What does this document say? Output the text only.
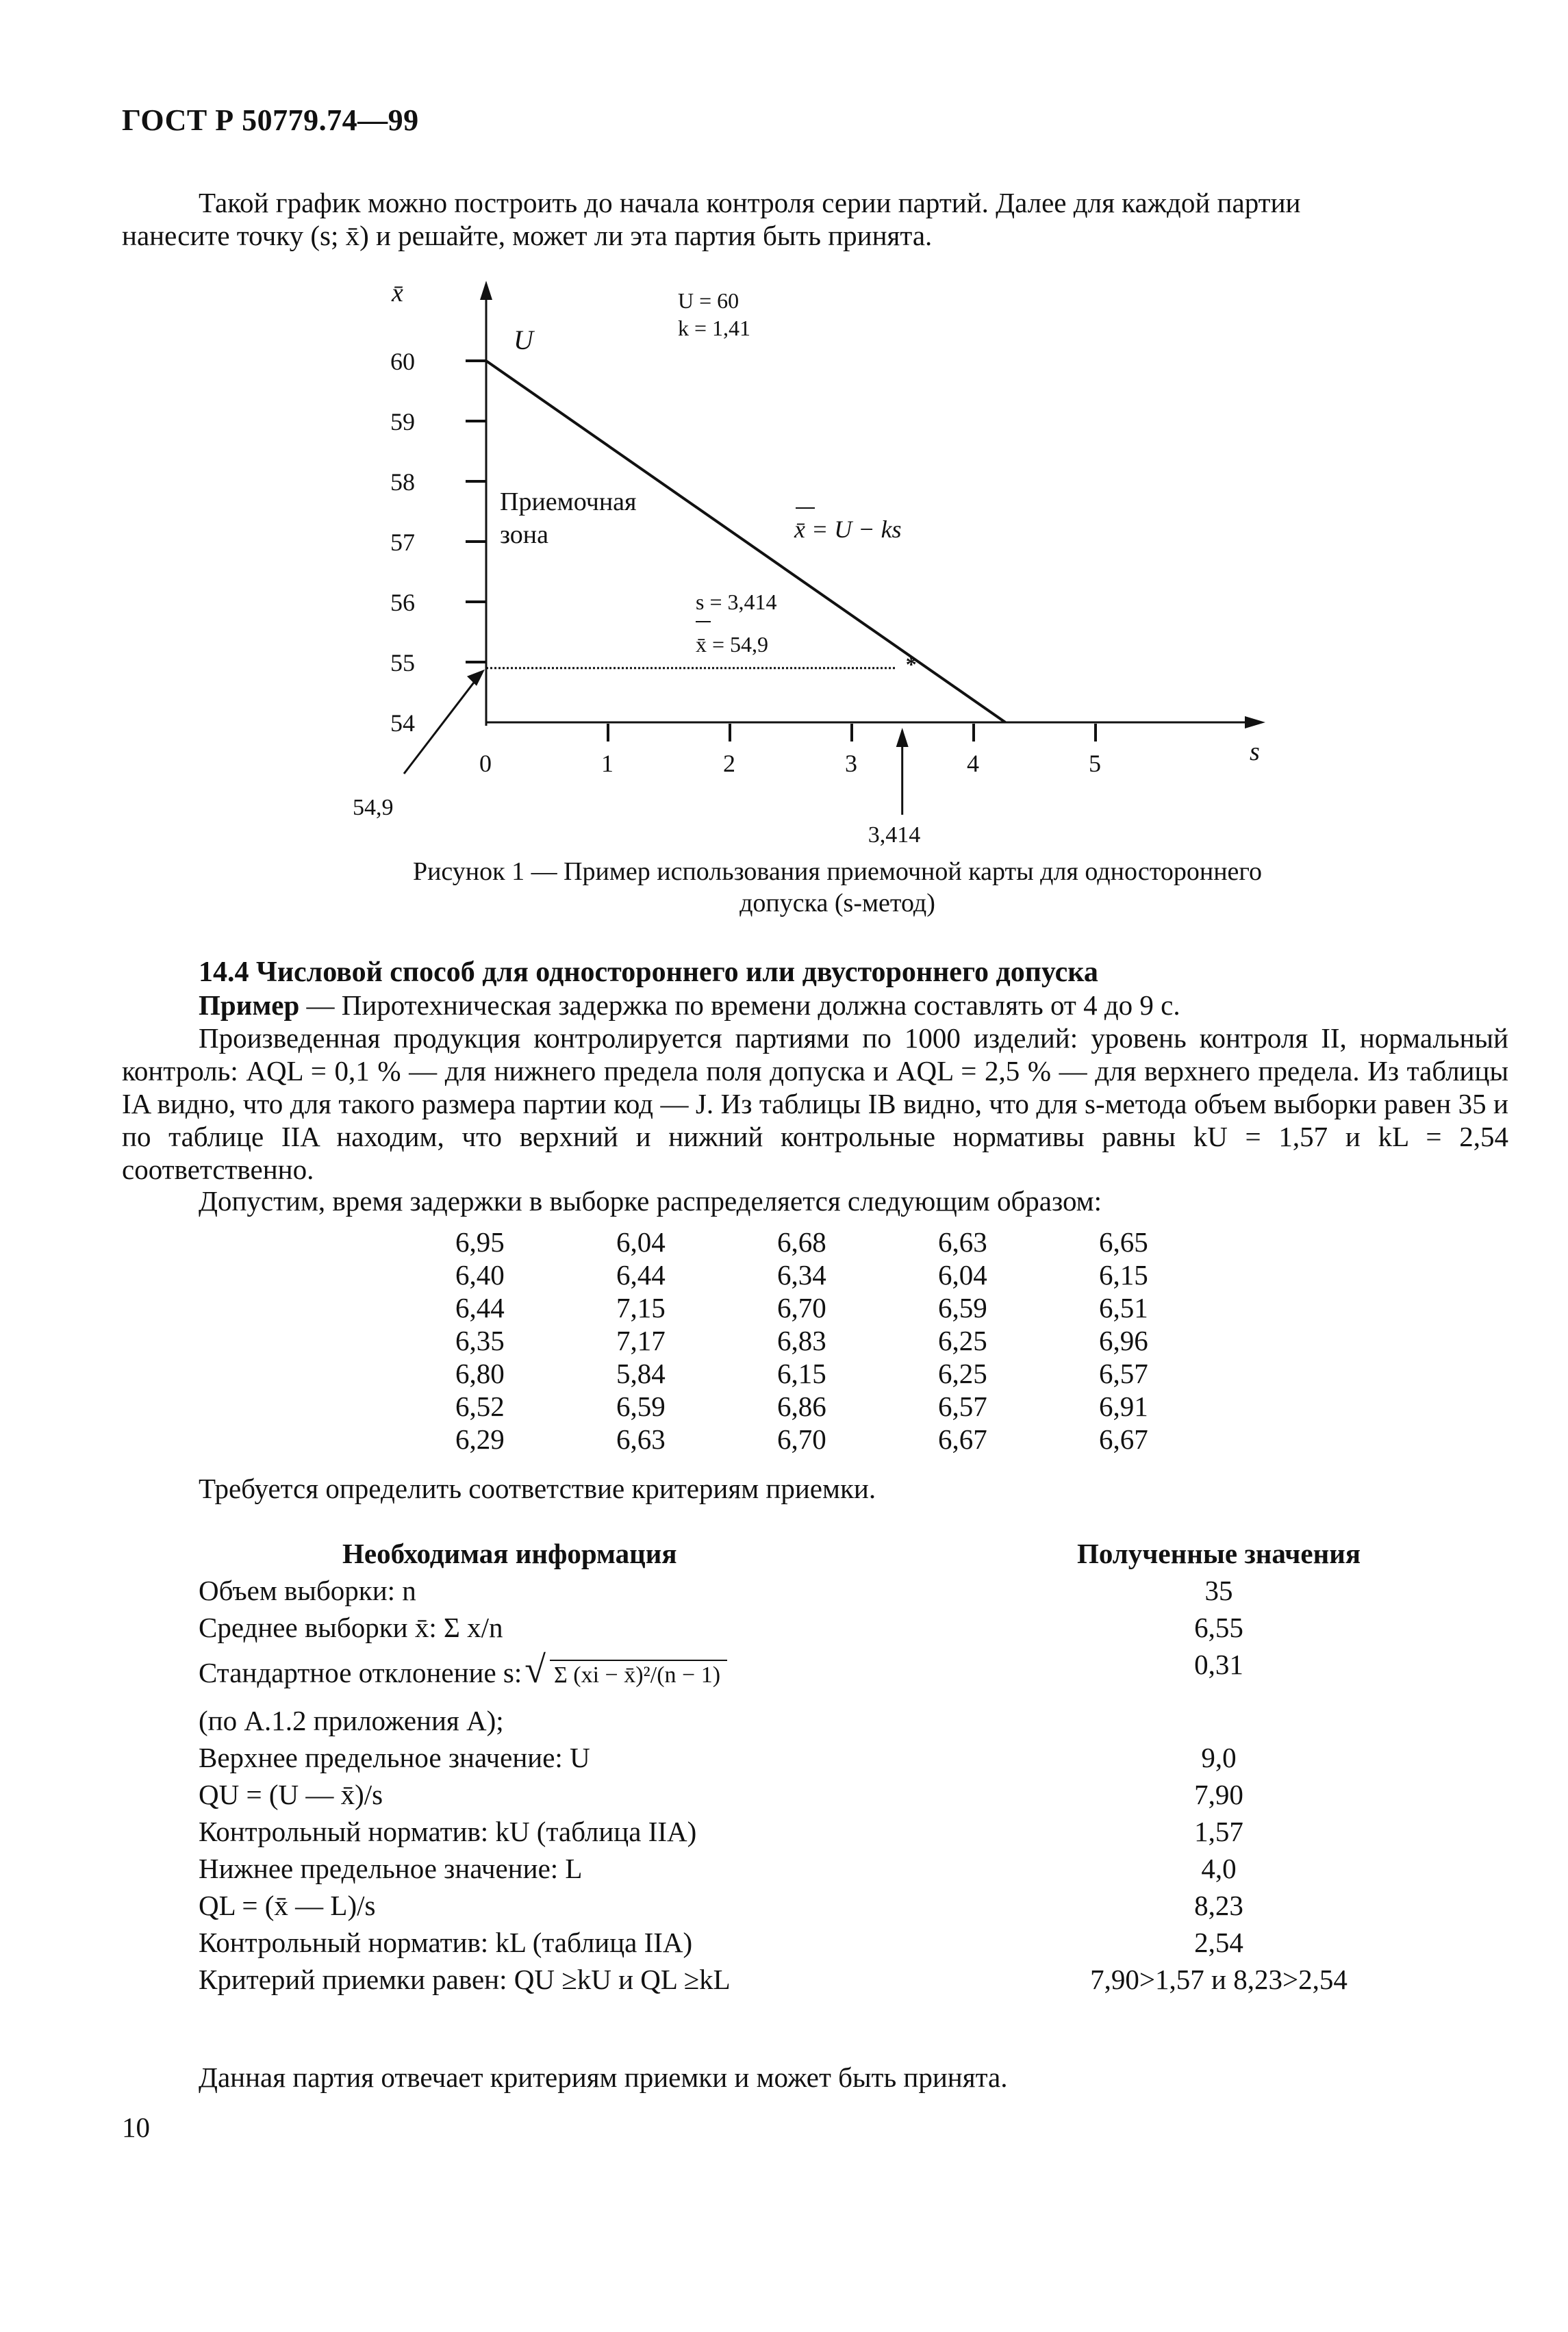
ГОСТ Р 50779.74—99
Такой график можно построить до начала контроля серии партий. Далее для каждой партии
нанесите точку (s; x̄) и решайте, может ли эта партия быть принята.
x̄
s
60
59
58
57
56
55
54
0	1	2	3	4	5
*
U
U = 60
k = 1,41
Приемочная
зона	x̄ = U − ks
s = 3,414
x̄ = 54,9
54,9
3,414
Рисунок 1 — Пример использования приемочной карты для одностороннего
допуска (s-метод)
14.4 Числовой способ для одностороннего или двустороннего допуска
Пример — Пиротехническая задержка по времени должна составлять от 4 до 9 с.
Произведенная продукция контролируется партиями по 1000 изделий: уровень контроля II, нормальный контроль: AQL = 0,1 % — для нижнего предела поля допуска и AQL = 2,5 % — для верхнего предела. Из таблицы IA видно, что для такого размера партии код — J. Из таблицы IB видно, что для s-метода объем выборки равен 35 и по таблице IIA находим, что верхний и нижний контрольные нормативы равны kU = 1,57 и kL = 2,54 соответственно.
Допустим, время задержки в выборке распределяется следующим образом:
6,95	6,04	6,68	6,63	6,65
6,40	6,44	6,34	6,04	6,15
6,44	7,15	6,70	6,59	6,51
6,35	7,17	6,83	6,25	6,96
6,80	5,84	6,15	6,25	6,57
6,52	6,59	6,86	6,57	6,91
6,29	6,63	6,70	6,67	6,67
Требуется определить соответствие критериям приемки.
Необходимая информация	Полученные значения
Объем выборки: n	35
Среднее выборки x̄: Σ x/n	6,55
Стандартное отклонение s:√ Σ (xi − x̄)²/(n − 1)	0,31
(по А.1.2 приложения А);
Верхнее предельное значение: U	9,0
QU = (U — x̄)/s	7,90
Контрольный норматив: kU (таблица IIA)	1,57
Нижнее предельное значение: L	4,0
QL = (x̄ — L)/s	8,23
Контрольный норматив: kL (таблица IIA)	2,54
Критерий приемки равен: QU ≥kU и QL ≥kL	7,90>1,57 и 8,23>2,54
Данная партия отвечает критериям приемки и может быть принята.
10
